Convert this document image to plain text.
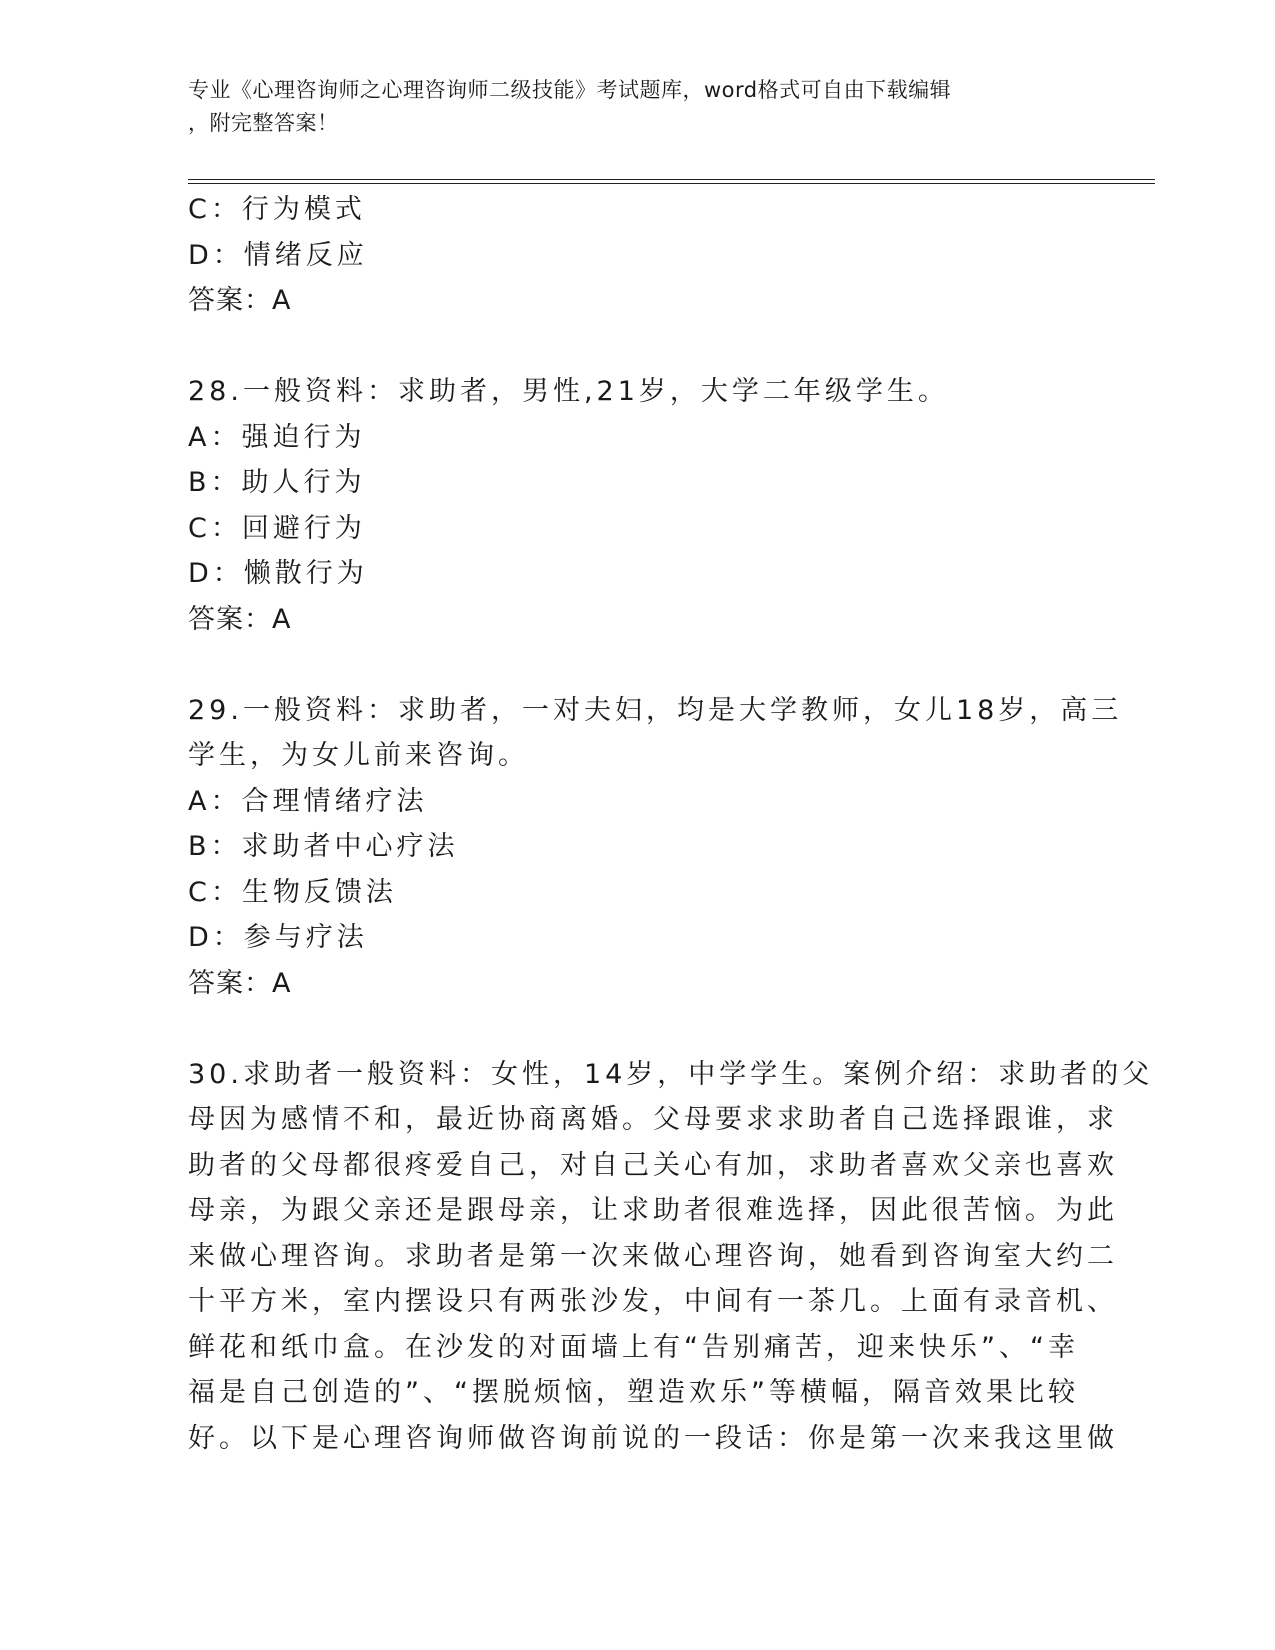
专业《心理咨询师之心理咨询师二级技能》考试题库，word格式可自由下载编辑
，附完整答案！
C：行为模式
D：情绪反应
答案：A
28.一般资料：求助者，男性,21岁，大学二年级学生。
A：强迫行为
B：助人行为
C：回避行为
D：懒散行为
答案：A
29.一般资料：求助者，一对夫妇，均是大学教师，女儿18岁，高三
学生，为女儿前来咨询。
A：合理情绪疗法
B：求助者中心疗法
C：生物反馈法
D：参与疗法
答案：A
30.求助者一般资料：女性，14岁，中学学生。案例介绍：求助者的父
母因为感情不和，最近协商离婚。父母要求求助者自己选择跟谁，求
助者的父母都很疼爱自己，对自己关心有加，求助者喜欢父亲也喜欢
母亲，为跟父亲还是跟母亲，让求助者很难选择，因此很苦恼。为此
来做心理咨询。求助者是第一次来做心理咨询，她看到咨询室大约二
十平方米，室内摆设只有两张沙发，中间有一茶几。上面有录音机、
鲜花和纸巾盒。在沙发的对面墙上有“告别痛苦，迎来快乐”、“幸
福是自己创造的”、“摆脱烦恼，塑造欢乐”等横幅，隔音效果比较
好。以下是心理咨询师做咨询前说的一段话：你是第一次来我这里做
